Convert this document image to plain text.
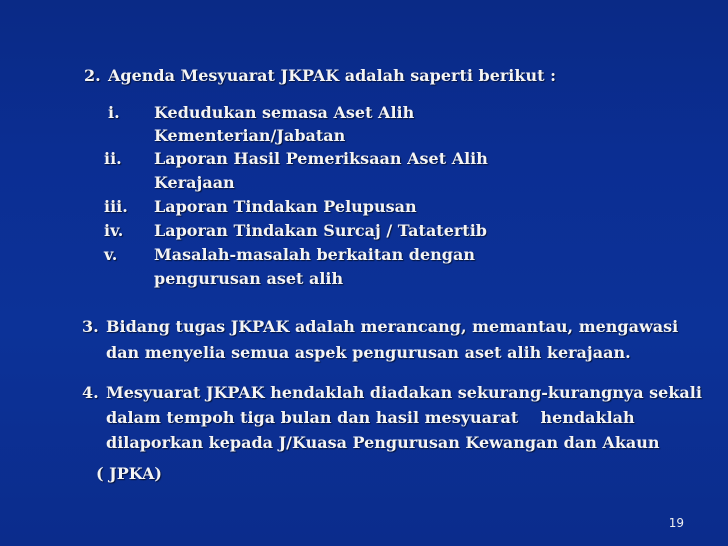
2. Agenda Mesyuarat JKPAK adalah saperti berikut :
i. Kedudukan semasa Aset Alih
Kementerian/Jabatan
ii. Laporan Hasil Pemeriksaan Aset Alih
Kerajaan
iii. Laporan Tindakan Pelupusan
iv. Laporan Tindakan Surcaj / Tatatertib
v. Masalah-masalah berkaitan dengan
pengurusan aset alih
3. Bidang tugas JKPAK adalah merancang, memantau, mengawasi
dan menyelia semua aspek pengurusan aset alih kerajaan.
4. Mesyuarat JKPAK hendaklah diadakan sekurang-kurangnya sekali
dalam tempoh tiga bulan dan hasil mesyuarat    hendaklah
dilaporkan kepada J/Kuasa Pengurusan Kewangan dan Akaun
( JPKA)
19
